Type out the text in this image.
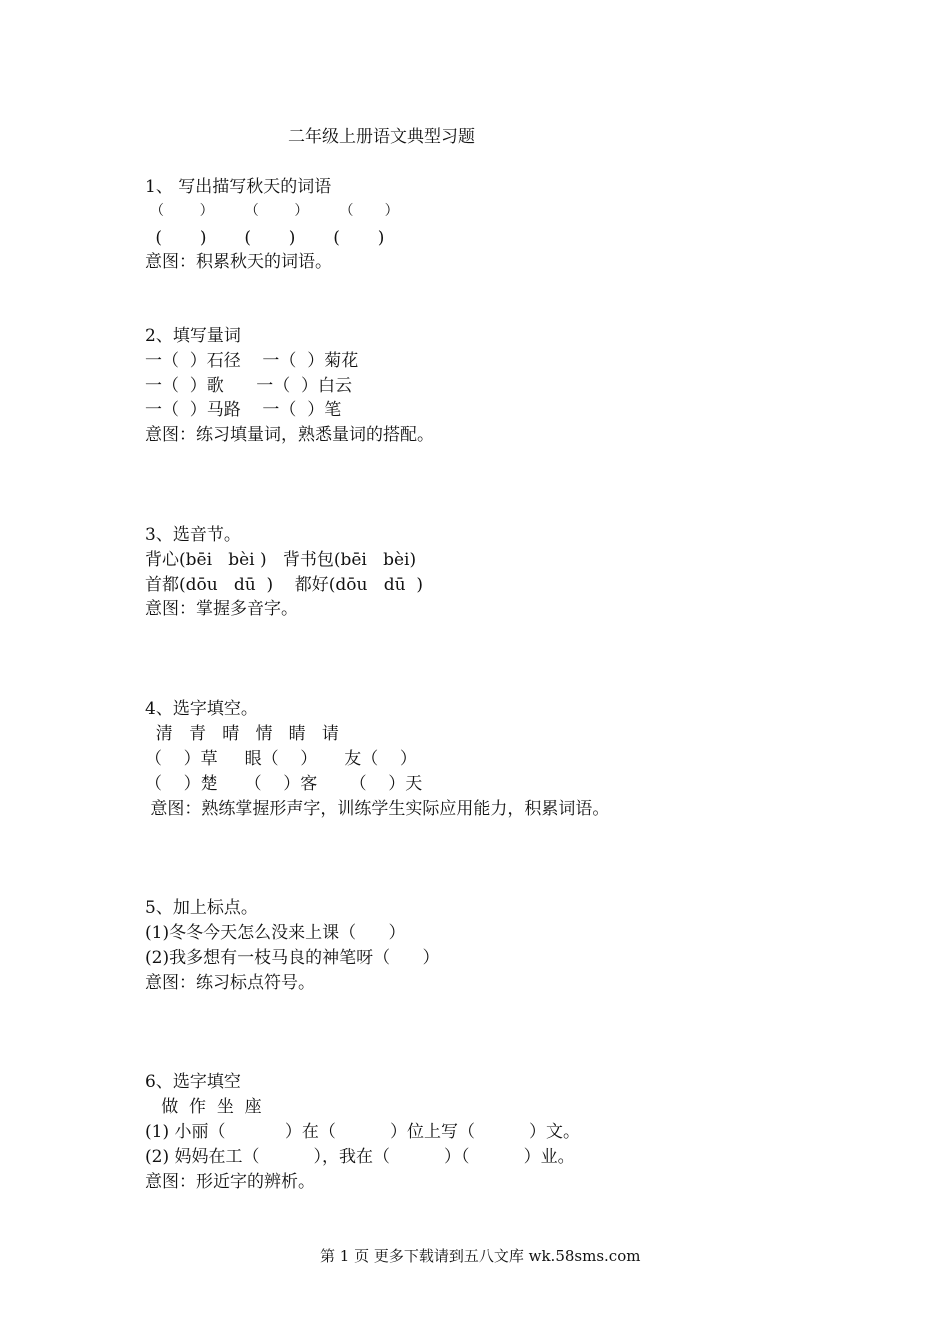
二年级上册语文典型习题
1、 写出描写秋天的词语
（        ）       （        ）       （       ）
(       )       (       )       (       )
意图：积累秋天的词语。
2、填写量词
一（  ）石径    一（  ）菊花
一（  ）歌      一（  ）白云
一（  ）马路    一（  ）笔
意图：练习填量词，熟悉量词的搭配。
3、选音节。
背心(bēi   bèi )   背书包(bēi   bèi)
首都(dōu   dū  )    都好(dōu   dū  )
意图：掌握多音字。
4、选字填空。
清   青   晴   情   睛   请
（    ）草     眼（    ）     友（    ）
（    ）楚     （    ）客      （    ）天
意图：熟练掌握形声字，训练学生实际应用能力，积累词语。
5、加上标点。
(1)冬冬今天怎么没来上课（      ）
(2)我多想有一枝马良的神笔呀（      ）
意图：练习标点符号。
6、选字填空
做  作  坐  座
(1) 小丽（           ）在（          ）位上写（          ）文。
(2) 妈妈在工（          ），我在（          ）（          ）业。
意图：形近字的辨析。
第 1 页 更多下载请到五八文库 wk.58sms.com
